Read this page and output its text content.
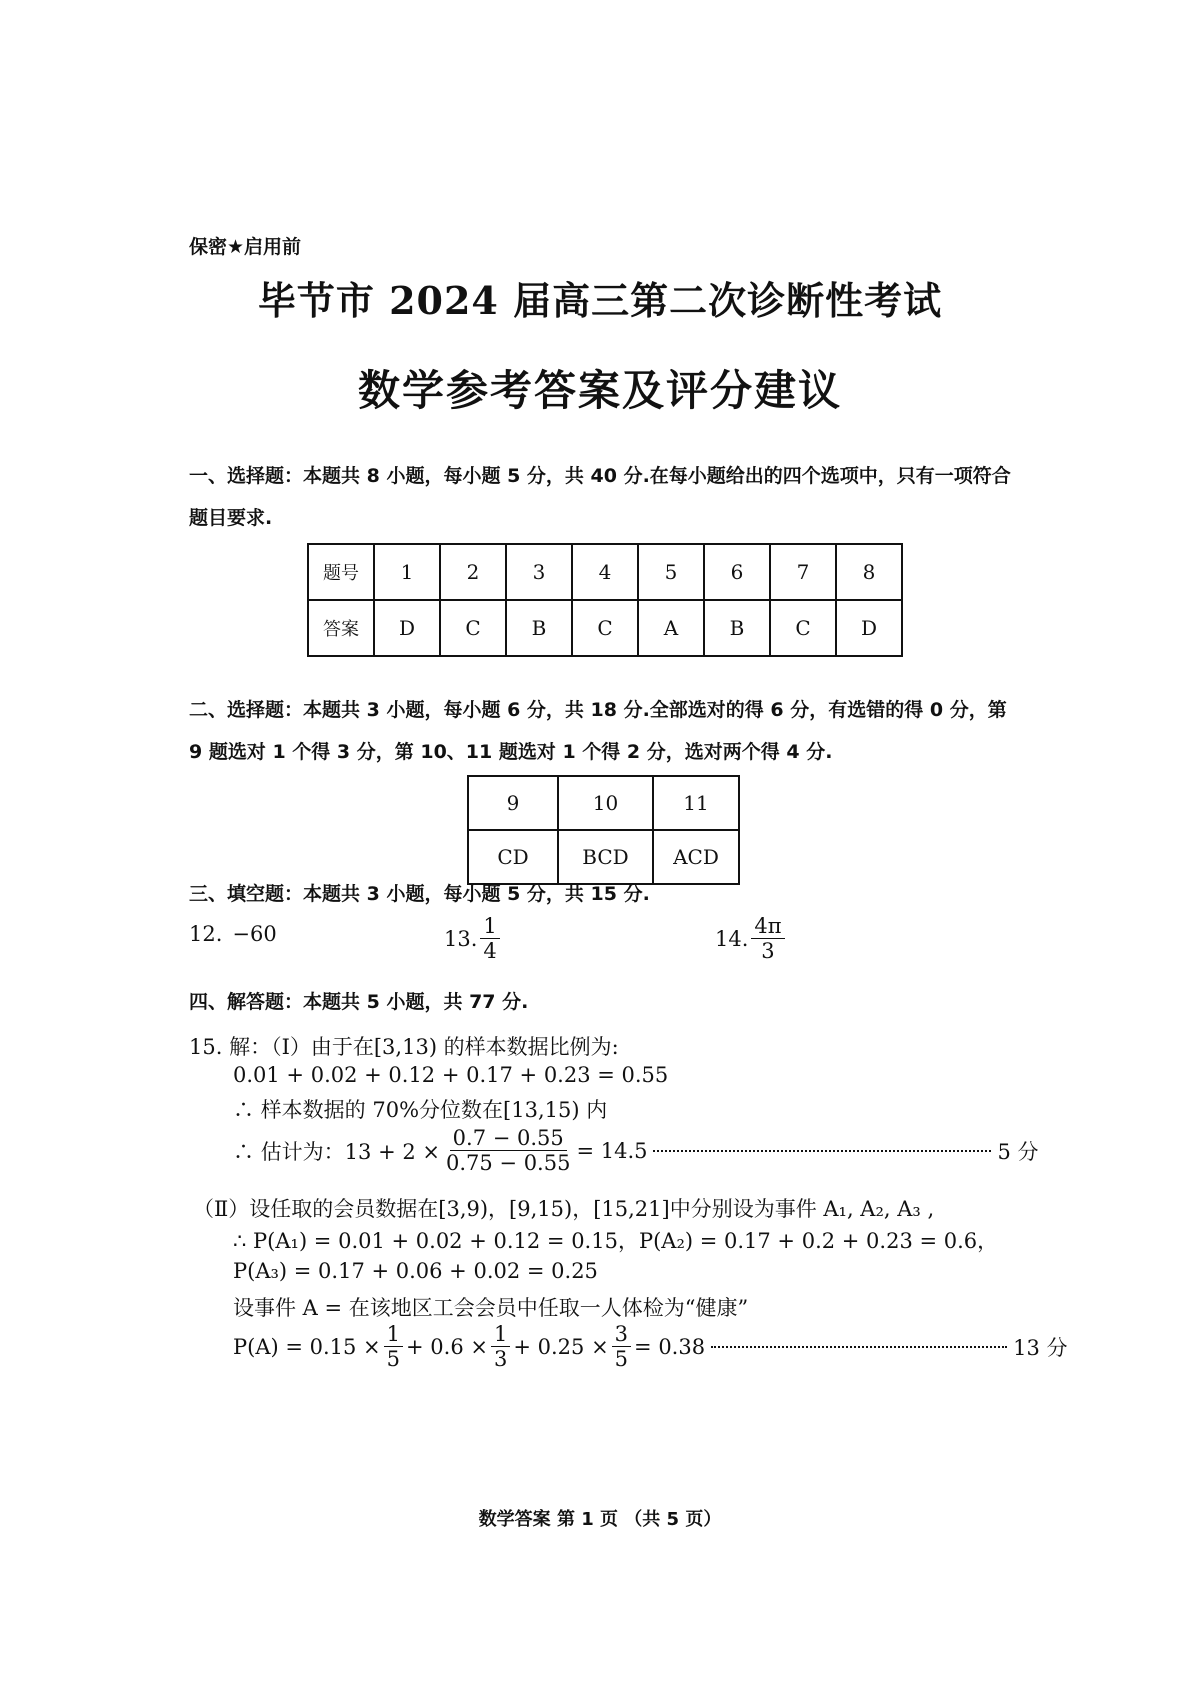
保密★启用前
毕节市 2024 届高三第二次诊断性考试
数学参考答案及评分建议
一、选择题：本题共 8 小题，每小题 5 分，共 40 分.在每小题给出的四个选项中，只有一项符合题目要求.
题号	1	2	3	4	5	6	7	8
答案	D	C	B	C	A	B	C	D
二、选择题：本题共 3 小题，每小题 6 分，共 18 分.全部选对的得 6 分，有选错的得 0 分，第 9 题选对 1 个得 3 分，第 10、11 题选对 1 个得 2 分，选对两个得 4 分.
9	10	11
CD	BCD	ACD
三、填空题：本题共 3 小题，每小题 5 分，共 15 分.
12. −60	13. $\frac{1}{4}$	14. $\frac{4\pi}{3}$
四、解答题：本题共 5 小题，共 77 分.
15. 解：（Ⅰ）由于在[3,13) 的样本数据比例为:
0.01 + 0.02 + 0.12 + 0.17 + 0.23 = 0.55
∴ 样本数据的 70%分位数在[13,15) 内
∴ 估计为：$13 + 2 \times \frac{0.7 - 0.55}{0.75 - 0.55} = 14.5$	5 分
（Ⅱ）设任取的会员数据在[3,9)，[9,15)，[15,21]中分别设为事件 A₁, A₂, A₃ ,
∴ P(A₁) = 0.01 + 0.02 + 0.12 = 0.15，P(A₂) = 0.17 + 0.2 + 0.23 = 0.6，
P(A₃) = 0.17 + 0.06 + 0.02 = 0.25
设事件 A = 在该地区工会会员中任取一人体检为“健康”
$P(A) = 0.15 \times \frac{1}{5} + 0.6 \times \frac{1}{3} + 0.25 \times \frac{3}{5} = 0.38$	13 分
数学答案 第 1 页 （共 5 页）
